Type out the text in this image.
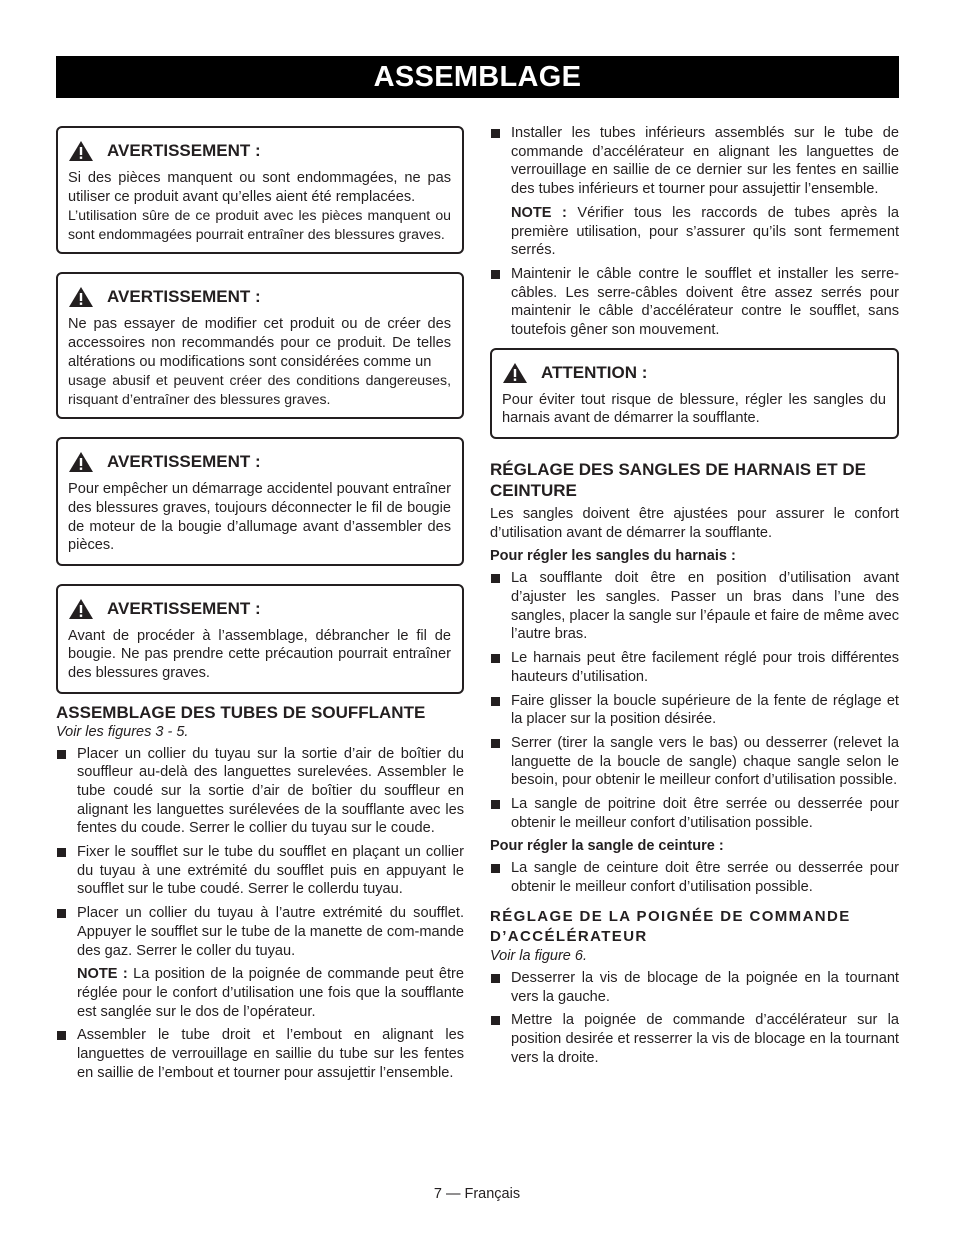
ASSEMBLAGE
AVERTISSEMENT :

Si des pièces manquent ou sont endommagées, ne pas utiliser ce produit avant qu’elles aient été remplacées.

L’utilisation sûre de ce produit avec les pièces manquent ou sont endommagées pourrait entraîner des blessures graves.

AVERTISSEMENT :

Ne pas essayer de modifier cet produit ou de créer des accessoires non recommandés pour ce produit. De telles altérations ou modifications sont considérées comme un

usage abusif et peuvent créer des conditions dangereuses, risquant d’entraîner des blessures graves.

AVERTISSEMENT :

Pour empêcher un démarrage accidentel pouvant entraîner des blessures graves, toujours déconnecter le fil de bougie de moteur de la bougie d’allumage avant d’assembler des pièces.

AVERTISSEMENT :

Avant de procéder à l’assemblage, débrancher le fil de bougie. Ne pas prendre cette précaution pourrait entraîner des blessures graves.

ASSEMBLAGE DES TUBES DE SOUFFLANTE

Voir les figures 3 - 5.

Placer un collier du tuyau sur la sortie d’air de boîtier du souffleur au-delà des languettes surelevées. Assembler le tube coudé sur la sortie d’air de boîtier du souffleur en alignant les languettes surélevées de la soufflante avec les fentes du coude. Serrer le collier du tuyau sur le coude.
Fixer le soufflet sur le tube du soufflet en plaçant un collier du tuyau à une extrémité du soufflet puis en appuyant le soufflet sur le tube coudé. Serrer le collerdu tuyau.
Placer un collier du tuyau à l’autre extrémité du soufflet. Appuyer le soufflet sur le tube de la manette de com-mande des gaz. Serrer le coller du tuyau.
NOTE : La position de la poignée de commande peut être réglée pour le confort d’utilisation une fois que la soufflante est sanglée sur le dos de l’opérateur.
Assembler le tube droit et l’embout en alignant les languettes de verrouillage en saillie du tube sur les fentes en saillie de l’embout et tourner pour assujettir l’ensemble.
Installer les tubes inférieurs assemblés sur le tube de commande d’accélérateur en alignant les languettes de verrouillage en saillie de ce dernier sur les fentes en saillie des tubes inférieurs et tourner pour assujettir l’ensemble.
NOTE : Vérifier tous les raccords de tubes après la première utilisation, pour s’assurer qu’ils sont fermement serrés.
Maintenir le câble contre le soufflet et installer les serre-câbles. Les serre-câbles doivent être assez serrés pour maintenir le câble d’accélérateur contre le soufflet, sans toutefois gêner son mouvement.
ATTENTION :

Pour éviter tout risque de blessure, régler les sangles du harnais avant de démarrer la soufflante.

RÉGLAGE DES SANGLES DE HARNAIS ET DE CEINTURE

Les sangles doivent être ajustées pour assurer le confort d’utilisation avant de démarrer la soufflante.

Pour régler les sangles du harnais :

La soufflante doit être en position d’utilisation avant d’ajuster les sangles. Passer un bras dans l’une des sangles, placer la sangle sur l’épaule et faire de même avec l’autre bras.
Le harnais peut être facilement réglé pour trois différentes hauteurs d’utilisation.
Faire glisser la boucle supérieure de la fente de réglage et la placer sur la position désirée.
Serrer (tirer la sangle vers le bas) ou desserrer (relevet la languette de la boucle de sangle) chaque sangle selon le besoin, pour obtenir le meilleur confort d’utilisation possible.
La sangle de poitrine doit être serrée ou desserrée pour obtenir le meilleur confort d’utilisation possible.

Pour régler la sangle de ceinture :

La sangle de ceinture doit être serrée ou desserrée pour obtenir le meilleur confort d’utilisation possible.

RÉGLAGE DE LA POIGNÉE DE COMMANDE D’ACCÉLÉRATEUR

Voir la figure 6.

Desserrer la vis de blocage de la poignée en la tournant vers la gauche.
Mettre la poignée de commande d’accélérateur sur la position desirée et resserrer la vis de blocage en la tournant vers la droite.
7 — Français
